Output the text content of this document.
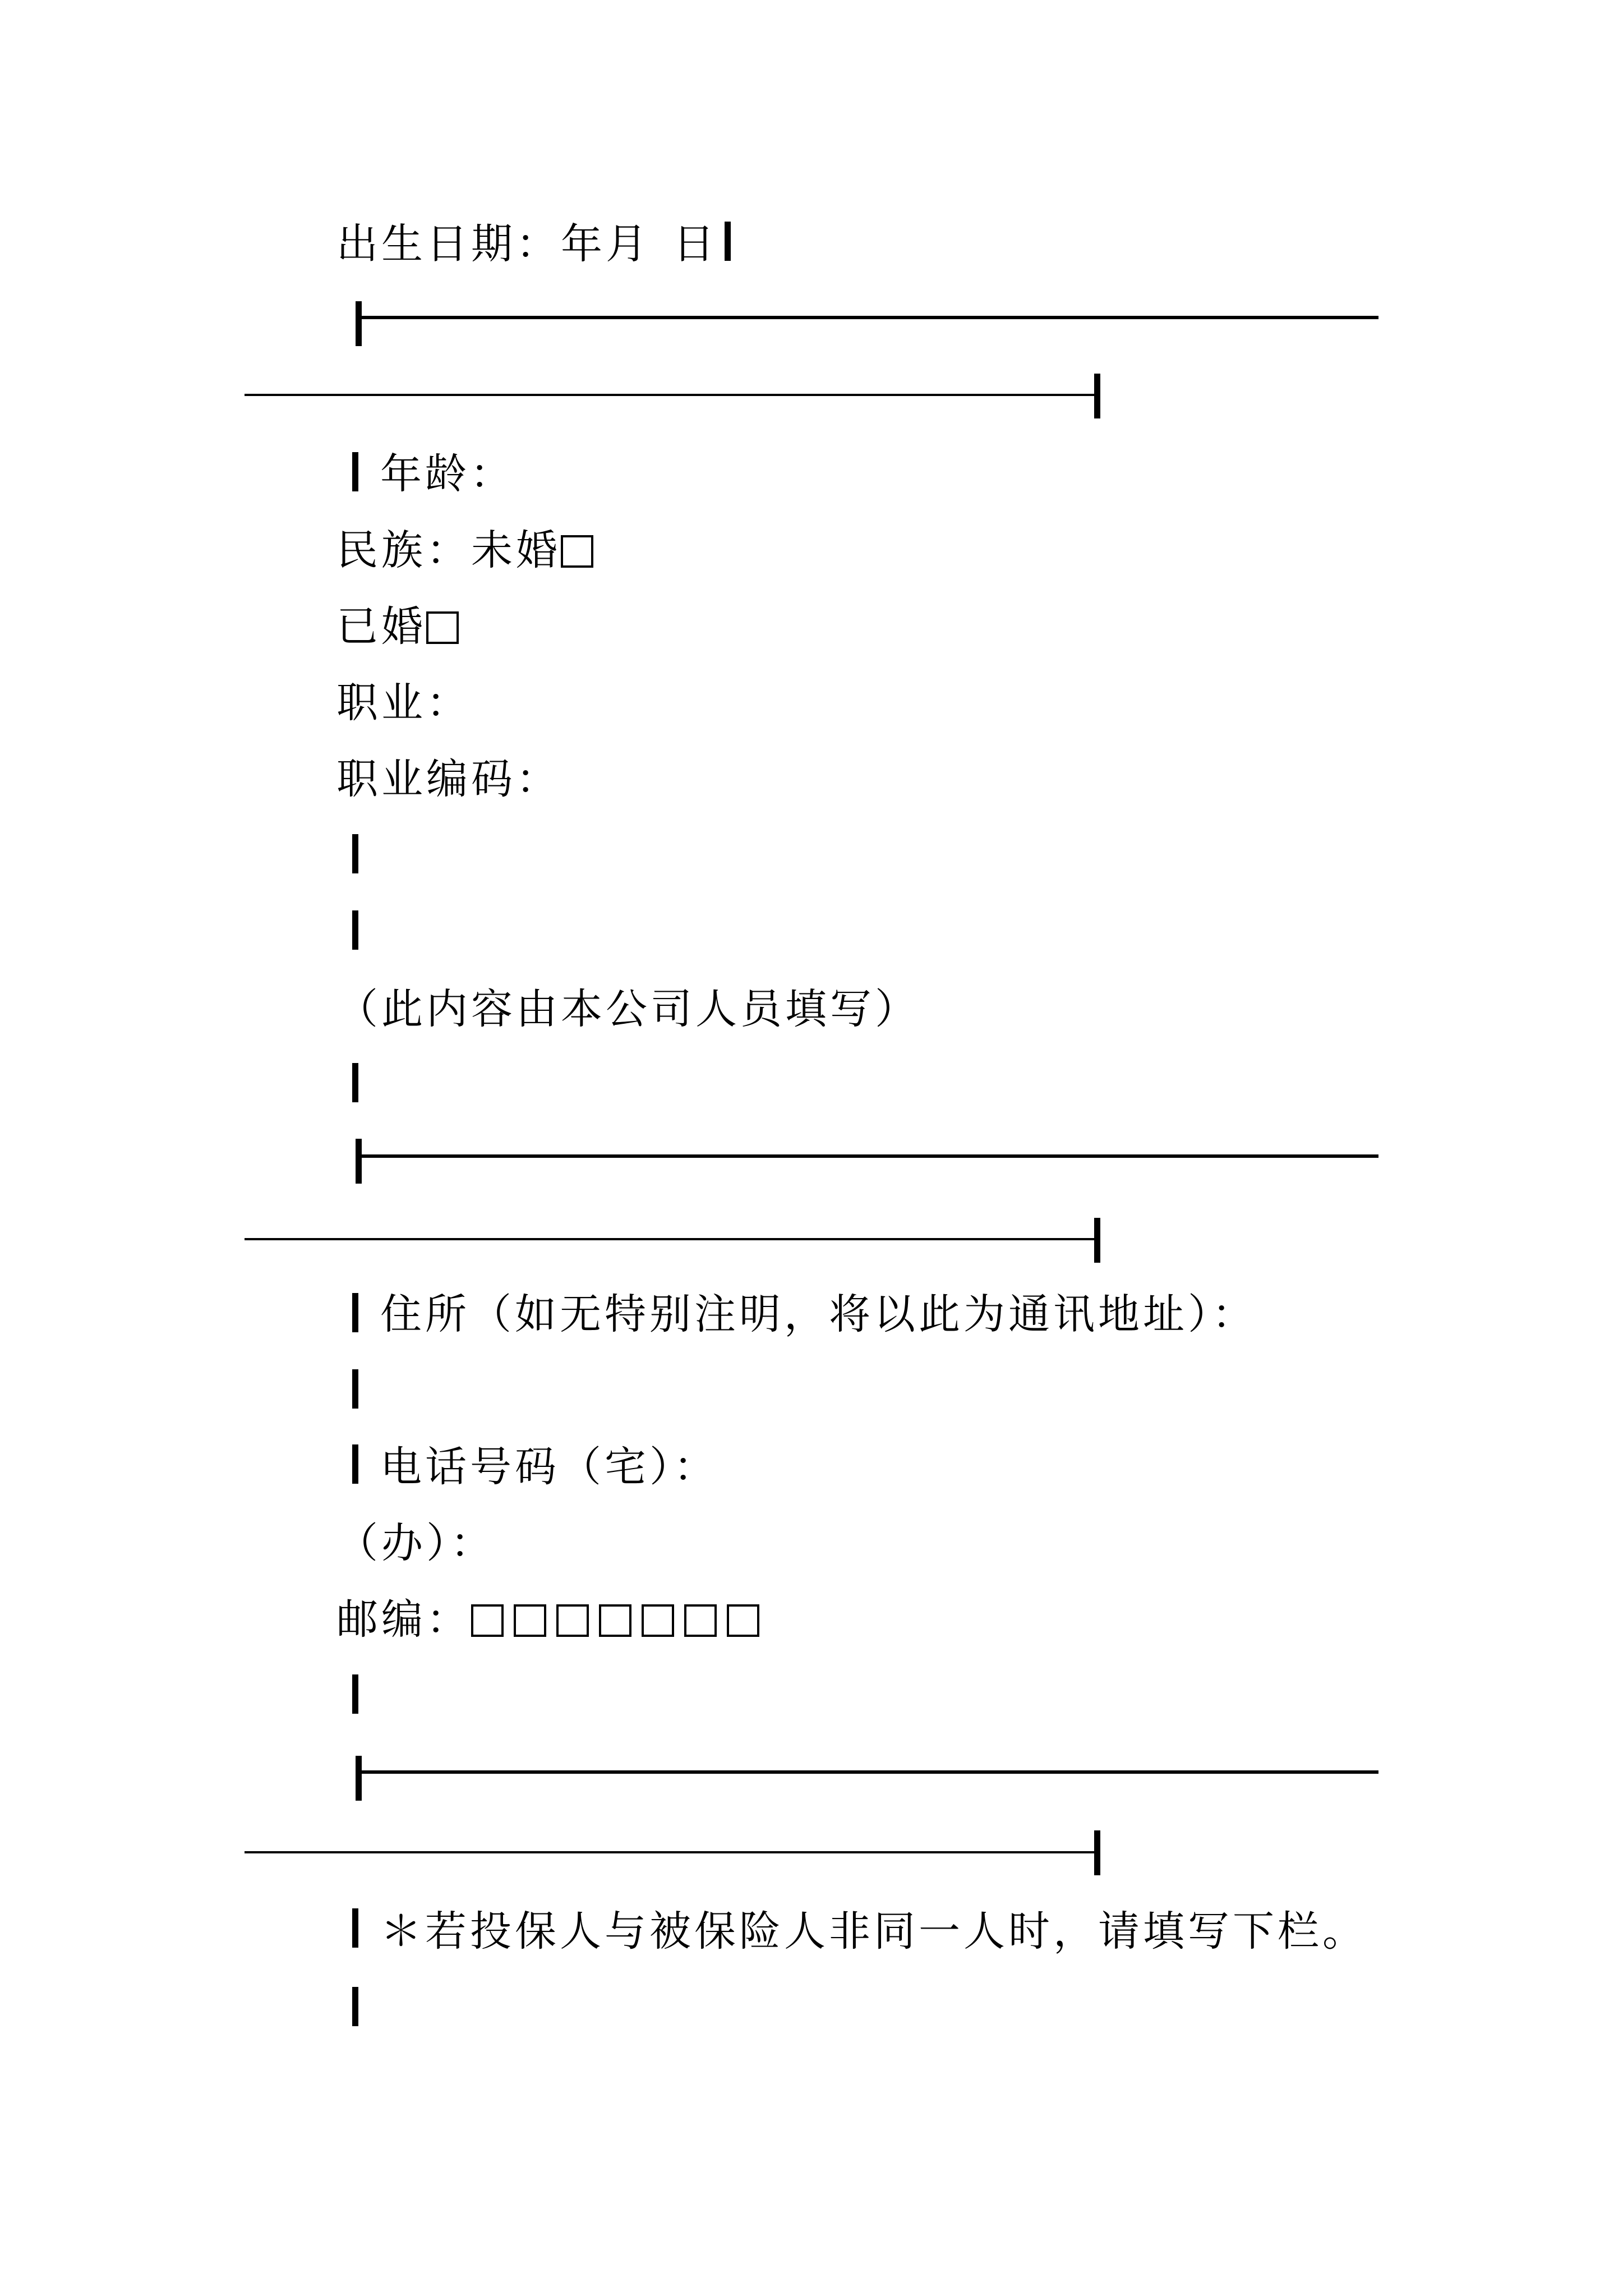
出生日期：年月 日
年龄：
民族：未婚
已婚
职业：
职业编码：
（此内容由本公司人员填写）
住所（如无特别注明，将以此为通讯地址）：
电话号码（宅）：
（办）：
邮编：
＊若投保人与被保险人非同一人时，请填写下栏。
